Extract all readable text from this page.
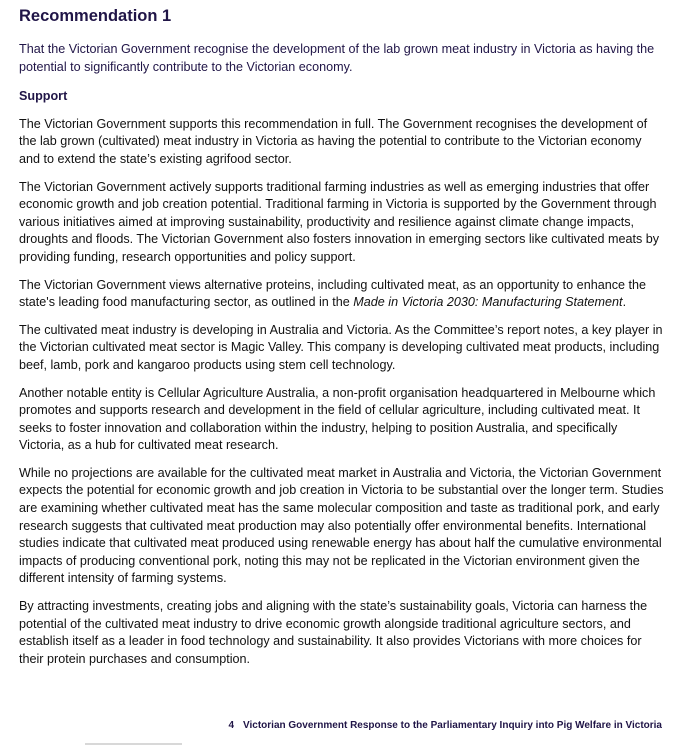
Recommendation 1

That the Victorian Government recognise the development of the lab grown meat industry in Victoria as having the potential to significantly contribute to the Victorian economy.

Support

The Victorian Government supports this recommendation in full. The Government recognises the development of the lab grown (cultivated) meat industry in Victoria as having the potential to contribute to the Victorian economy and to extend the state’s existing agrifood sector.

The Victorian Government actively supports traditional farming industries as well as emerging industries that offer economic growth and job creation potential. Traditional farming in Victoria is supported by the Government through various initiatives aimed at improving sustainability, productivity and resilience against climate change impacts, droughts and floods. The Victorian Government also fosters innovation in emerging sectors like cultivated meats by providing funding, research opportunities and policy support.

The Victorian Government views alternative proteins, including cultivated meat, as an opportunity to enhance the state's leading food manufacturing sector, as outlined in the Made in Victoria 2030: Manufacturing Statement.

The cultivated meat industry is developing in Australia and Victoria. As the Committee’s report notes, a key player in the Victorian cultivated meat sector is Magic Valley. This company is developing cultivated meat products, including beef, lamb, pork and kangaroo products using stem cell technology.

Another notable entity is Cellular Agriculture Australia, a non-profit organisation headquartered in Melbourne which promotes and supports research and development in the field of cellular agriculture, including cultivated meat. It seeks to foster innovation and collaboration within the industry, helping to position Australia, and specifically Victoria, as a hub for cultivated meat research.

While no projections are available for the cultivated meat market in Australia and Victoria, the Victorian Government expects the potential for economic growth and job creation in Victoria to be substantial over the longer term. Studies are examining whether cultivated meat has the same molecular composition and taste as traditional pork, and early research suggests that cultivated meat production may also potentially offer environmental benefits. International studies indicate that cultivated meat produced using renewable energy has about half the cumulative environmental impacts of producing conventional pork, noting this may not be replicated in the Victorian environment given the different intensity of farming systems.

By attracting investments, creating jobs and aligning with the state’s sustainability goals, Victoria can harness the potential of the cultivated meat industry to drive economic growth alongside traditional agriculture sectors, and establish itself as a leader in food technology and sustainability. It also provides Victorians with more choices for their protein purchases and consumption.

4 Victorian Government Response to the Parliamentary Inquiry into Pig Welfare in Victoria
